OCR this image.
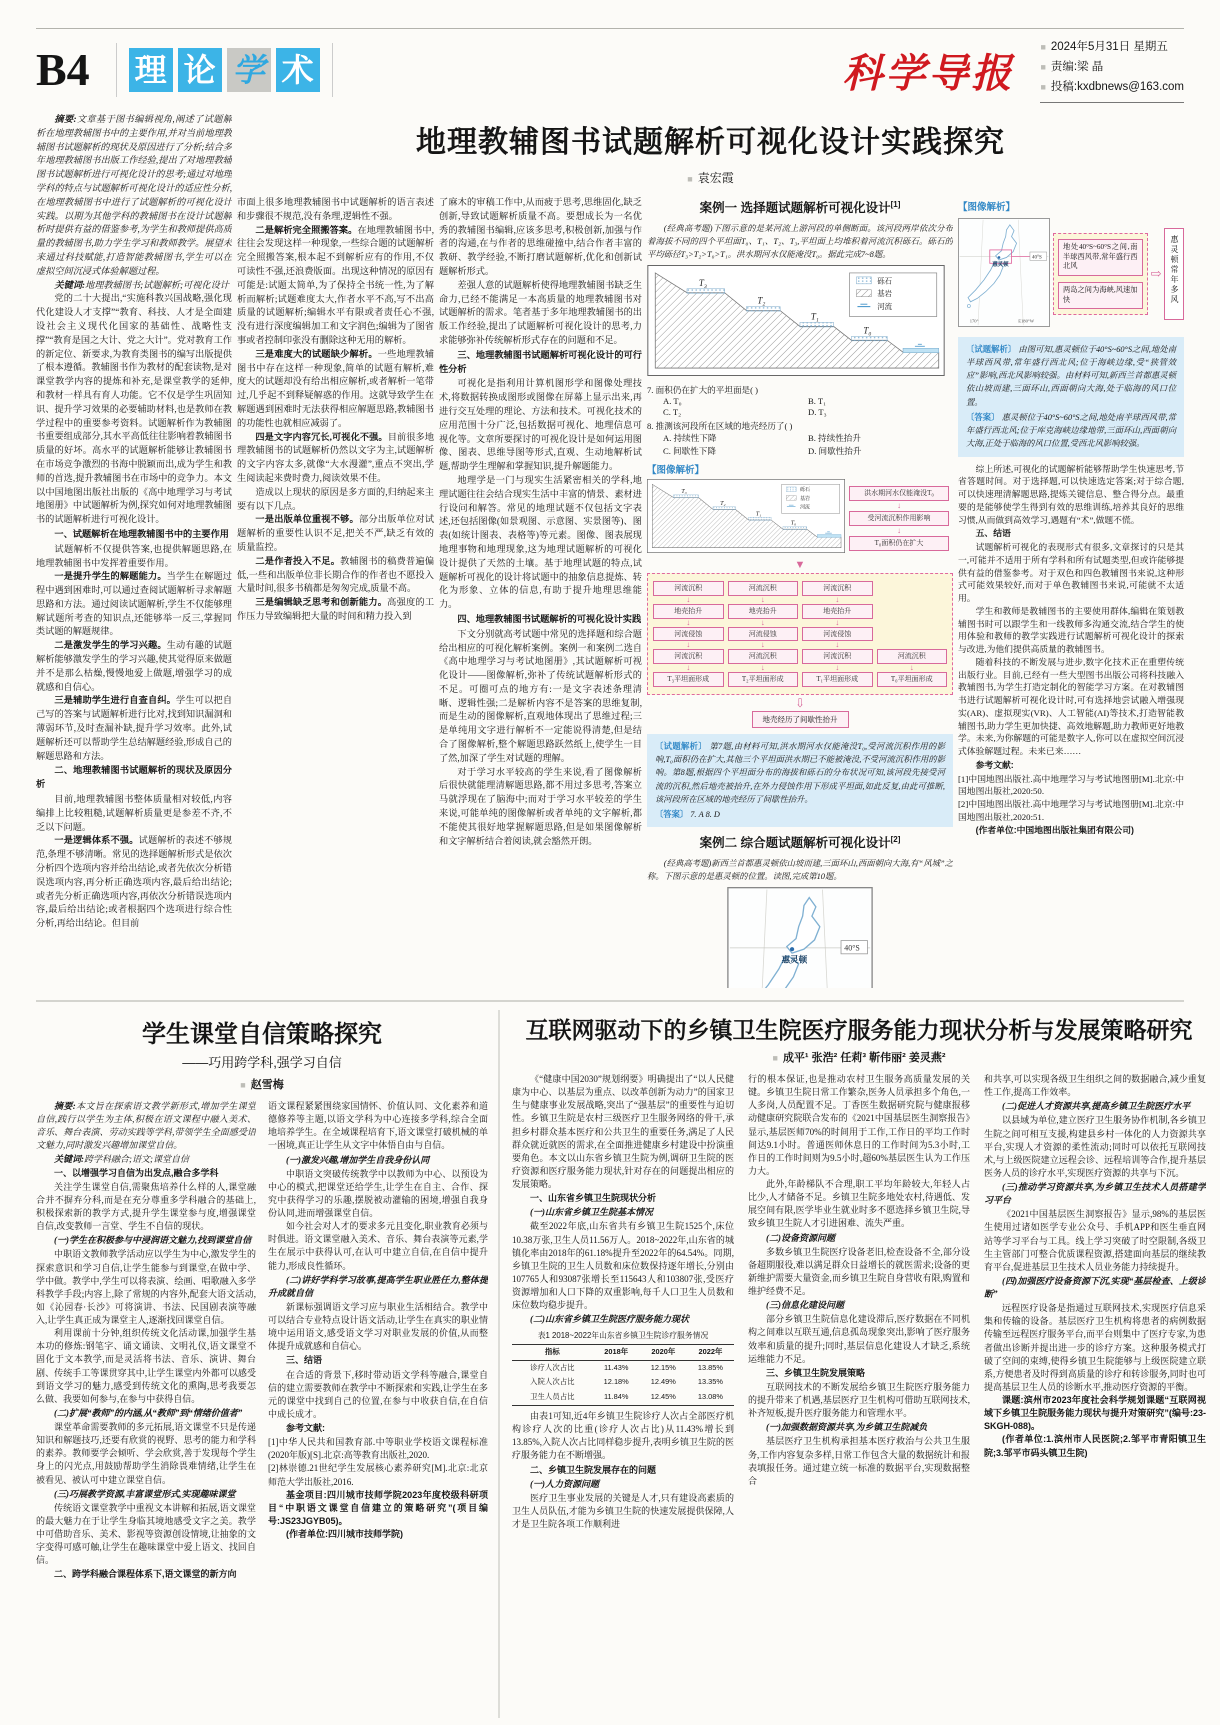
B4 理 论 学 术	科学导报
■ 2024年5月31日 星期五
■ 责编:梁 晶
■ 投稿:kxdbnews@163.com
摘要:文章基于图书编辑视角,阐述了试题解析在地理教辅图书中的主要作用,并对当前地理教辅图书试题解析的现状及原因进行了分析;结合多年地理教辅图书出版工作经验,提出了对地理教辅图书试题解析进行可视化设计的思考;通过对地理学科的特点与试题解析可视化设计的适应性分析,在地理教辅图书中进行了试题解析的可视化设计实践。以期为其他学科的教辅图书在设计试题解析时提供有益的借鉴参考,为学生和教师提供高质量的教辅图书,助力学生学习和教师教学。展望未来通过科技赋能,打造智能教辅图书,学生可以在虚拟空间沉浸式体验解题过程。
关键词:地理教辅图书;试题解析;可视化设计
党的二十大提出,“实施科教兴国战略,强化现代化建设人才支撑”“教育、科技、人才是全面建设社会主义现代化国家的基础性、战略性支撑”“教育是国之大计、党之大计”。党对教育工作的新定位、新要求,为教育类图书的编写出版提供了根本遵循。教辅图书作为教材的配套读物,是对课堂教学内容的提炼和补充,是课堂教学的延伸,和教材一样具有育人功能。它不仅是学生巩固知识、提升学习效果的必要辅助材料,也是教师在教学过程中的重要参考资料。试题解析作为教辅图书重要组成部分,其水平高低往往影响着教辅图书质量的好坏。高水平的试题解析能够让教辅图书在市场竞争激烈的书海中脱颖而出,成为学生和教师的首选,提升教辅图书在市场中的竞争力。本文以中国地图出版社出版的《高中地理学习与考试地图册》中试题解析为例,探究如何对地理教辅图书的试题解析进行可视化设计。
一、试题解析在地理教辅图书中的主要作用
试题解析不仅提供答案,也提供解题思路,在地理教辅图书中发挥着重要作用。
一是提升学生的解题能力。当学生在解题过程中遇到困难时,可以通过查阅试题解析寻求解题思路和方法。通过阅读试题解析,学生不仅能够理解试题所考查的知识点,还能够举一反三,掌握同类试题的解题规律。
二是激发学生的学习兴趣。生动有趣的试题解析能够激发学生的学习兴趣,使其觉得原来做题并不是那么枯燥,慢慢地爱上做题,增强学习的成就感和自信心。
三是辅助学生进行自查自纠。学生可以把自己写的答案与试题解析进行比对,找到知识漏洞和薄弱环节,及时查漏补缺,提升学习效率。此外,试题解析还可以帮助学生总结解题经验,形成自己的解题思路和方法。
二、地理教辅图书试题解析的现状及原因分析
目前,地理教辅图书整体质量相对较低,内容编排上比较粗糙,试题解析质量更是参差不齐,不乏以下问题。
一是逻辑体系不强。试题解析的表述不够规范,条理不够清晰。常见的选择题解析形式是依次分析四个选项内容并给出结论,或者先依次分析错误选项内容,再分析正确选项内容,最后给出结论;或者先分析正确选项内容,再依次分析错误选项内容,最后给出结论;或者根据四个选项进行综合性分析,再给出结论。但目前
地理教辅图书试题解析可视化设计实践探究
■ 袁宏霞
市面上很多地理教辅图书中试题解析的语言表述和步骤很不规范,没有条理,逻辑性不强。
二是解析完全照搬答案。在地理教辅图书中,往往会发现这样一种现象,一些综合题的试题解析完全照搬答案,根本起不到解析应有的作用,不仅可读性不强,还浪费版面。出现这种情况的原因有可能是:试题太简单,为了保持全书统一性,为了解析而解析;试题难度太大,作者水平不高,写不出高质量的试题解析;编辑水平有限或者责任心不强,没有进行深度编辑加工和文字润色;编辑为了图省事或者控制印张没有删除这种无用的解析。
三是难度大的试题缺少解析。一些地理教辅图书中存在这样一种现象,简单的试题有解析,难度大的试题却没有给出相应解析,或者解析一笔带过,几乎起不到释疑解惑的作用。这就导致学生在解题遇到困难时无法获得相应解题思路,教辅图书的功能性也就相应减弱了。
四是文字内容冗长,可视化不强。目前很多地理教辅图书的试题解析仍然以文字为主,试题解析的文字内容太多,就像“大水漫灌”,重点不突出,学生阅读起来费时费力,阅读效果不佳。
造成以上现状的原因是多方面的,归纳起来主要有以下几点。
一是出版单位重视不够。部分出版单位对试题解析的重要性认识不足,把关不严,缺乏有效的质量监控。
二是作者投入不足。教辅图书的稿费普遍偏低,一些和出版单位非长期合作的作者也不愿投入大量时间,很多书稿都是匆匆完成,质量不高。
三是编辑缺乏思考和创新能力。高强度的工作压力导致编辑把大量的时间和精力投入到
了麻木的审稿工作中,从而疲于思考,思维固化,缺乏创新,导致试题解析质量不高。要想成长为一名优秀的教辅图书编辑,应该多思考,积极创新,加强与作者的沟通,在与作者的思维碰撞中,结合作者丰富的教研、教学经验,不断打磨试题解析,优化和创新试题解析形式。
差强人意的试题解析使得地理教辅图书缺乏生命力,已经不能满足一本高质量的地理教辅图书对试题解析的需求。笔者基于多年地理教辅图书的出版工作经验,提出了试题解析可视化设计的思考,力求能够弥补传统解析形式存在的问题和不足。
三、地理教辅图书试题解析可视化设计的可行性分析
可视化是指利用计算机图形学和图像处理技术,将数据转换成图形或图像在屏幕上显示出来,再进行交互处理的理论、方法和技术。可视化技术的应用范围十分广泛,包括数据可视化、地理信息可视化等。文章所要探讨的可视化设计是如何运用图像、图表、思维导图等形式,直观、生动地解析试题,帮助学生理解和掌握知识,提升解题能力。
地理学是一门与现实生活紧密相关的学科,地理试题往往会结合现实生活中丰富的情景、素材进行设问和解答。常见的地理试题不仅包括文字表述,还包括图像(如景观图、示意图、实景图等)、图表(如统计图表、表格等)等元素。图像、图表展现地理事物和地理现象,这为地理试题解析的可视化设计提供了天然的土壤。基于地理试题的特点,试题解析可视化的设计将试题中的抽象信息提炼、转化为形象、立体的信息,有助于提升地理思维能力。
四、地理教辅图书试题解析的可视化设计实践
下文分别就高考试题中常见的选择题和综合题给出相应的可视化解析案例。案例一和案例二选自《高中地理学习与考试地图册》,其试题解析可视化设计——图像解析,弥补了传统试题解析形式的不足。可圈可点的地方有:一是文字表述条理清晰、逻辑性强;二是解析内容不是答案的思维复制,而是生动的图像解析,直观地体现出了思维过程;三是单纯用文字进行解析不一定能说得清楚,但是结合了图像解析,整个解题思路跃然纸上,使学生一目了然,加深了学生对试题的理解。
对于学习水平较高的学生来说,看了图像解析后很快就能理清解题思路,都不用过多思考,答案立马就浮现在了脑海中;而对于学习水平较差的学生来说,可能单纯的图像解析或者单纯的文字解析,都不能使其很好地掌握解题思路,但是如果图像解析和文字解析结合着阅读,就会豁然开朗。
案例一 选择题试题解析可视化设计[1]
(经典高考题)下图示意的是某河流上游河段的单侧断面。该河段两岸依次分布着海拔不同的四个平坦面T₀、T₁、T₂、T₃,平坦面上均堆积着河流沉积砾石。砾石的平均砾径T₃>T₂>T₀>T₁。洪水期河水仅能淹没T₀。据此完成7~8题。
T₃
T₂
T₁
T₀
砾石
基岩
河流
7. 面积仍在扩大的平坦面是( )
A. T₀	B. T₁
C. T₂	D. T₃
8. 推测该河段所在区域的地壳经历了( )
A. 持续性下降	B. 持续性抬升
C. 间歇性下降	D. 间歇性抬升
【图像解析】
T₃
T₂
T₁
T₀
砾石
基岩
河流
洪水期河水仅能淹没T₀
↓
受河流沉积作用影响
↓
T₀面积仍在扩大
▼
河流沉积
↓
地壳抬升
↓
河流侵蚀
↓
河流沉积
↓
T₃平坦面形成
河流沉积
↓
地壳抬升
↓
河流侵蚀
↓
河流沉积
↓
T₂平坦面形成
河流沉积
↓
地壳抬升
↓
河流侵蚀
↓
河流沉积
↓
T₁平坦面形成
河流沉积
↓
T₀平坦面形成
⇩
地壳经历了间歇性抬升
〔试题解析〕 第7题,由材料可知,洪水期河水仅能淹没T₀,受河流沉积作用的影响,T₀面积仍在扩大,其他三个平坦面洪水期已不能被淹没,不受河流沉积作用的影响。第8题,根据四个平坦面分布的海拔和砾石的分布状况可知,该河段先接受河流的沉积,然后地壳被抬升,在外力侵蚀作用下形成平坦面,如此反复,由此可推断,该河段所在区域的地壳经历了间歇性抬升。
〔答案〕 7. A 8. D
案例二 综合题试题解析可视化设计[2]
(经典高考题)新西兰首都惠灵顿依山坡而建,三面环山,西面朝向大海,有“风城”之称。下图示意的是惠灵顿的位置。读图,完成第10题。
40°S
惠灵顿
【图像解析】
40°S
惠灵顿
170°	E180°W
地处40°S~60°S之间,南半球西风带,常年盛行西北风
两岛之间为海峡,风速加快
⇨	惠灵顿常年多风
〔试题解析〕 由图可知,惠灵顿位于40°S~60°S之间,地处南半球西风带,常年盛行西北风;位于海峡边缘,受“狭管效应”影响,西北风影响较强。由材料可知,新西兰首都惠灵顿依山坡而建,三面环山,西面朝向大海,处于临海的风口位置。
〔答案〕 惠灵顿位于40°S~60°S之间,地处南半球西风带,常年盛行西北风;位于库克海峡边缘地带,三面环山,西面朝向大海,正处于临海的风口位置,受西北风影响较强。
综上所述,可视化的试题解析能够帮助学生快速思考,节省答题时间。对于选择题,可以快速选定答案;对于综合题,可以快速理清解题思路,提炼关键信息、整合得分点。最重要的是能够使学生得到有效的思维训练,培养其良好的思维习惯,从而做到高效学习,遇题有“术”,做题不慌。
五、结语
试题解析可视化的表现形式有很多,文章探讨的只是其一,可能并不适用于所有学科和所有试题类型,但或许能够提供有益的借鉴参考。对于双色和四色教辅图书来说,这种形式可能效果较好,而对于单色教辅图书来说,可能就不太适用。
学生和教师是教辅图书的主要使用群体,编辑在策划教辅图书时可以跟学生和一线教师多沟通交流,结合学生的使用体验和教师的教学实践进行试题解析可视化设计的探索与改进,为他们提供高质量的教辅图书。
随着科技的不断发展与进步,数字化技术正在重塑传统出版行业。目前,已经有一些大型图书出版公司将科技融入教辅图书,为学生打造定制化的智能学习方案。在对教辅图书进行试题解析可视化设计时,可有选择地尝试融入增强现实(AR)、虚拟现实(VR)、人工智能(AI)等技术,打造智能教辅图书,助力学生更加快捷、高效地解题,助力教师更好地教学。未来,为你解题的可能是数字人,你可以在虚拟空间沉浸式体验解题过程。未来已来……
参考文献:
[1]中国地图出版社.高中地理学习与考试地图册[M].北京:中国地图出版社,2020:50.
[2]中国地图出版社.高中地理学习与考试地图册[M].北京:中国地图出版社,2020:51.
(作者单位:中国地图出版社集团有限公司)
学生课堂自信策略探究
——巧用跨学科,强学习自信
■ 赵雪梅
摘要:本文旨在探索语文教学新形式,增加学生课堂自信,践行以学生为主体,积极在语文课程中融入美术、音乐、舞台表演、劳动实践等学科,带领学生全面感受语文魅力,同时激发兴趣增加课堂自信。
关键词:跨学科融合;语文;课堂自信
一、以增强学习自信为出发点,融合多学科
关注学生课堂自信,需聚焦培养什么样的人,课堂融合并不摒弃分科,而是在充分尊重多学科融合的基础上,积极探索新的教学方式,提升学生课堂参与度,增强课堂自信,改变教师一言堂、学生不自信的现状。
(一)学生在积极参与中浸润语文魅力,找到课堂自信
中职语文教师教学活动应以学生为中心,激发学生的探索意识和学习自信,让学生能参与到课堂,在做中学、学中做。教学中,学生可以将表演、绘画、唱歌融入多学科教学手段;内容上,除了常规的内容外,配套大语文活动,如《沁园春·长沙》可将演讲、书法、民国剧表演等融入,让学生真正成为课堂主人,逐渐找回课堂自信。
利用课前十分钟,组织传统文化活动课,加强学生基本功的修炼:钢笔字、诵文诵读、文明礼仪,语文课堂不固化于文本教学,而是灵活将书法、音乐、演讲、舞台剧、传统手工等课贯穿其中,让学生课堂内外都可以感受到语文学习的魅力,感受到传统文化的熏陶,思考我要怎么做、我要如何参与,在参与中获得自信。
(二)扩展“教师”的内涵,从“教师”到“情绪价值者”
课堂革命需要教师的多元拓展,语文课堂不只是传递知识和解题技巧,还要有欣赏的视野、思考的能力和学科的素养。教师要学会倾听、学会欣赏,善于发现每个学生身上的闪光点,用鼓励帮助学生消除畏难情绪,让学生在被看见、被认可中建立课堂自信。
(三)巧展教学资源,丰富课堂形式,实现趣味课堂
传统语文课堂教学中重视文本讲解和拓展,语文课堂的最大魅力在于让学生身临其境地感受文字之美。教学中可借助音乐、美术、影视等资源创设情境,让抽象的文字变得可感可触,让学生在趣味课堂中爱上语文、找回自信。
二、跨学科融合课程体系下,语文课堂的新方向
语文课程紧紧围绕家国情怀、价值认同、文化素养和道德修养等主题,以语文学科为中心连接多学科,综合全面地培养学生。在全域课程培育下,语文课堂打破机械的单一困境,真正让学生从文字中体悟自由与自信。
(一)激发兴趣,增加学生自我身份认同
中职语文突破传统教学中以教师为中心、以预设为中心的模式,把课堂还给学生,让学生在自主、合作、探究中获得学习的乐趣,摆脱被动灌输的困境,增强自我身份认同,进而增强课堂自信。
如今社会对人才的要求多元且变化,职业教育必须与时俱进。语文课堂融入美术、音乐、舞台表演等元素,学生在展示中获得认可,在认可中建立自信,在自信中提升能力,形成良性循环。
(二)讲好学科学习故事,提高学生职业胜任力,整体提升成就自信
新课标强调语文学习应与职业生活相结合。教学中可以结合专业特点设计语文活动,让学生在真实的职业情境中运用语文,感受语文学习对职业发展的价值,从而整体提升成就感和自信心。
三、结语
在合适的背景下,移时带动语文学科等融合,课堂自信的建立需要教师在教学中不断探索和实践,让学生在多元的课堂中找到自己的位置,在参与中收获自信,在自信中成长成才。
参考文献:
[1]中华人民共和国教育部.中等职业学校语文课程标准(2020年版)[S].北京:高等教育出版社,2020.
[2]林崇德.21世纪学生发展核心素养研究[M].北京:北京师范大学出版社,2016.
基金项目:四川城市技师学院2023年度校级科研项目“中职语文课堂自信建立的策略研究”(项目编号:JS23JGYB05)。
(作者单位:四川城市技师学院)
互联网驱动下的乡镇卫生院医疗服务能力现状分析与发展策略研究
■ 成平¹ 张浩² 任莉³ 靳伟丽² 姜灵燕²
《“健康中国2030”规划纲要》明确提出了“以人民健康为中心、以基层为重点、以改革创新为动力”的国家卫生与健康事业发展战略,突出了“强基层”的重要性与迫切性。乡镇卫生院是农村三级医疗卫生服务网络的骨干,承担乡村群众基本医疗和公共卫生的重要任务,满足了人民群众就近就医的需求,在全面推进健康乡村建设中扮演重要角色。本文以山东省乡镇卫生院为例,调研卫生院的医疗资源和医疗服务能力现状,针对存在的问题提出相应的发展策略。
一、山东省乡镇卫生院现状分析
(一)山东省乡镇卫生院基本情况
截至2022年底,山东省共有乡镇卫生院1525个,床位10.38万张,卫生人员11.56万人。2018~2022年,山东省的城镇化率由2018年的61.18%提升至2022年的64.54%。同期,乡镇卫生院的卫生人员数和床位数保持逐年增长,分别由107765人和93087张增长至115643人和103807张,受医疗资源增加和人口下降的双重影响,每千人口卫生人员数和床位数均稳步提升。
(二)山东省乡镇卫生院医疗服务能力现状
表1 2018~2022年山东省乡镇卫生院诊疗服务情况
指标	2018年	2020年	2022年
诊疗人次占比	11.43%	12.15%	13.85%
入院人次占比	12.18%	12.49%	13.35%
卫生人员占比	11.84%	12.45%	13.08%
由表1可知,近4年乡镇卫生院诊疗人次占全部医疗机构诊疗人次的比重(诊疗人次占比)从11.43%增长到13.85%,入院人次占比同样稳步提升,表明乡镇卫生院的医疗服务能力在不断增强。
二、乡镇卫生院发展存在的问题
(一)人力资源问题
医疗卫生事业发展的关键是人才,只有建设高素质的卫生人员队伍,才能为乡镇卫生院的快速发展提供保障,人才是卫生院各项工作顺利进
行的根本保证,也是推动农村卫生服务高质量发展的关键。乡镇卫生院日常工作繁杂,医务人员承担多个角色,一人多岗,人员配置不足。丁香医生数据研究院与健康报移动健康研究院联合发布的《2021中国基层医生洞察报告》显示,基层医师70%的时间用于工作,工作日的平均工作时间达9.1小时。普通医师休息日的工作时间为5.3小时,工作日的工作时间则为9.5小时,超60%基层医生认为工作压力大。
此外,年龄梯队不合理,职工平均年龄较大,年轻人占比少,人才储备不足。乡镇卫生院多地处农村,待遇低、发展空间有限,医学毕业生就业时多不愿选择乡镇卫生院,导致乡镇卫生院人才引进困难、流失严重。
(二)设备资源问题
多数乡镇卫生院医疗设备老旧,检查设备不全,部分设备超期服役,难以满足群众日益增长的就医需求;设备的更新维护需要大量资金,而乡镇卫生院自身营收有限,购置和维护经费不足。
(三)信息化建设问题
部分乡镇卫生院信息化建设滞后,医疗数据在不同机构之间难以互联互通,信息孤岛现象突出,影响了医疗服务效率和质量的提升;同时,基层信息化建设人才缺乏,系统运维能力不足。
三、乡镇卫生院发展策略
互联网技术的不断发展给乡镇卫生院医疗服务能力的提升带来了机遇,基层医疗卫生机构可借助互联网技术,补齐短板,提升医疗服务能力和管理水平。
(一)加强数据资源共享,为乡镇卫生院减负
基层医疗卫生机构承担基本医疗救治与公共卫生服务,工作内容复杂多样,日常工作包含大量的数据统计和报表填报任务。通过建立统一标准的数据平台,实现数据整合
和共享,可以实现各级卫生组织之间的数据融合,减少重复性工作,提高工作效率。
(二)促进人才资源共享,提高乡镇卫生院医疗水平
以县域为单位,建立医疗卫生服务协作机制,各乡镇卫生院之间可相互支援,构建县乡村一体化的人力资源共享平台,实现人才资源的柔性流动;同时可以依托互联网技术,与上级医院建立远程会诊、远程培训等合作,提升基层医务人员的诊疗水平,实现医疗资源的共享与下沉。
(三)推动学习资源共享,为乡镇卫生技术人员搭建学习平台
《2021中国基层医生洞察报告》显示,98%的基层医生使用过诸如医学专业公众号、手机APP和医生垂直网站等学习平台与工具。线上学习突破了时空限制,各级卫生主管部门可整合优质课程资源,搭建面向基层的继续教育平台,促进基层卫生技术人员业务能力持续提升。
(四)加强医疗设备资源下沉,实现“基层检查、上级诊断”
远程医疗设备是指通过互联网技术,实现医疗信息采集和传输的设备。基层医疗卫生机构将患者的病例数据传输至远程医疗服务平台,而平台则集中了医疗专家,为患者做出诊断并提出进一步的诊疗方案。这种服务模式打破了空间的束缚,使得乡镇卫生院能够与上级医院建立联系,方便患者及时得到高质量的诊疗和转诊服务,同时也可提高基层卫生人员的诊断水平,推动医疗资源的平衡。
课题:滨州市2023年度社会科学规划课题“互联网视域下乡镇卫生院服务能力现状与提升对策研究”(编号:23-SKGH-088)。
(作者单位:1.滨州市人民医院;2.邹平市青阳镇卫生院;3.邹平市码头镇卫生院)
